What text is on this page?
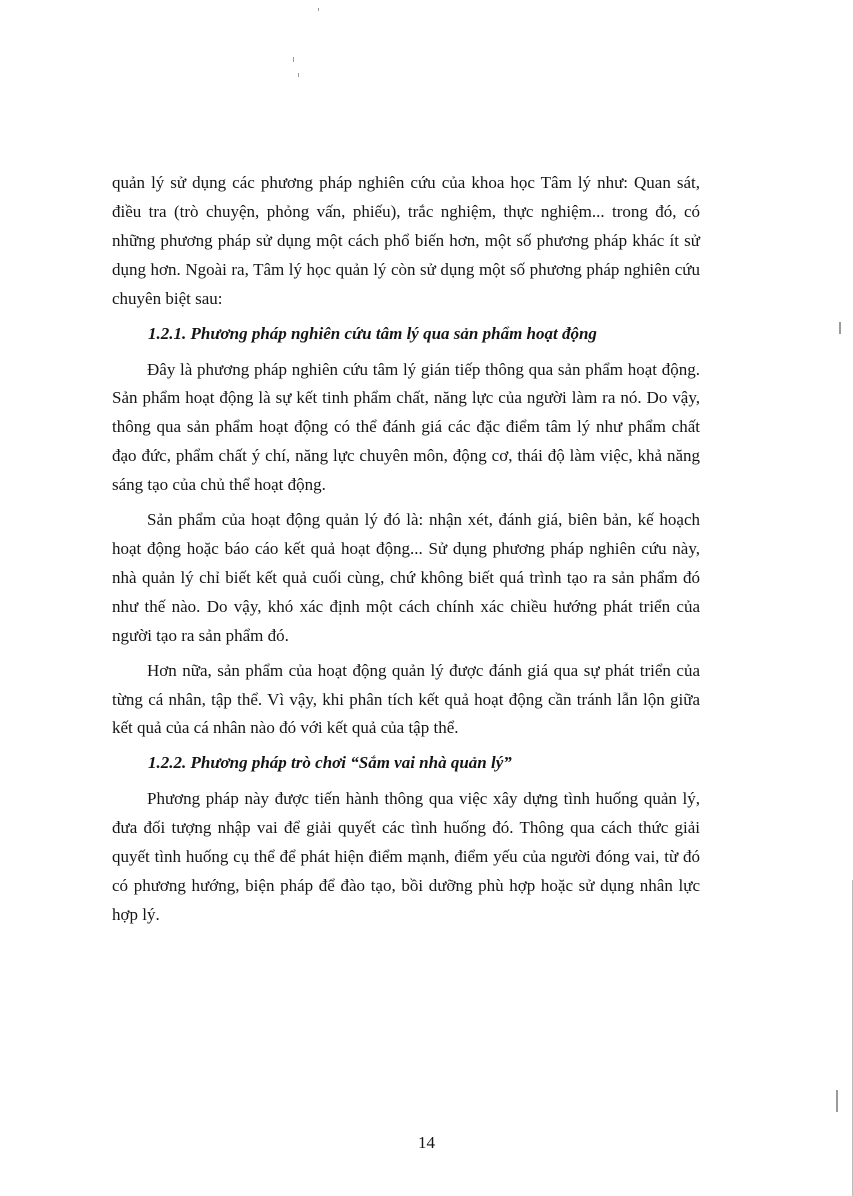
quản lý sử dụng các phương pháp nghiên cứu của khoa học Tâm lý như: Quan sát, điều tra (trò chuyện, phỏng vấn, phiếu), trắc nghiệm, thực nghiệm... trong đó, có những phương pháp sử dụng một cách phổ biến hơn, một số phương pháp khác ít sử dụng hơn. Ngoài ra, Tâm lý học quản lý còn sử dụng một số phương pháp nghiên cứu chuyên biệt sau:

1.2.1. Phương pháp nghiên cứu tâm lý qua sản phẩm hoạt động

Đây là phương pháp nghiên cứu tâm lý gián tiếp thông qua sản phẩm hoạt động. Sản phẩm hoạt động là sự kết tinh phẩm chất, năng lực của người làm ra nó. Do vậy, thông qua sản phẩm hoạt động có thể đánh giá các đặc điểm tâm lý như phẩm chất đạo đức, phẩm chất ý chí, năng lực chuyên môn, động cơ, thái độ làm việc, khả năng sáng tạo của chủ thể hoạt động.

Sản phẩm của hoạt động quản lý đó là: nhận xét, đánh giá, biên bản, kế hoạch hoạt động hoặc báo cáo kết quả hoạt động... Sử dụng phương pháp nghiên cứu này, nhà quản lý chỉ biết kết quả cuối cùng, chứ không biết quá trình tạo ra sản phẩm đó như thế nào. Do vậy, khó xác định một cách chính xác chiều hướng phát triển của người tạo ra sản phẩm đó.

Hơn nữa, sản phẩm của hoạt động quản lý được đánh giá qua sự phát triển của từng cá nhân, tập thể. Vì vậy, khi phân tích kết quả hoạt động cần tránh lẫn lộn giữa kết quả của cá nhân nào đó với kết quả của tập thể.

1.2.2. Phương pháp trò chơi “Sắm vai nhà quản lý”

Phương pháp này được tiến hành thông qua việc xây dựng tình huống quản lý, đưa đối tượng nhập vai để giải quyết các tình huống đó. Thông qua cách thức giải quyết tình huống cụ thể để phát hiện điểm mạnh, điểm yếu của người đóng vai, từ đó có phương hướng, biện pháp để đào tạo, bồi dưỡng phù hợp hoặc sử dụng nhân lực hợp lý.

14
